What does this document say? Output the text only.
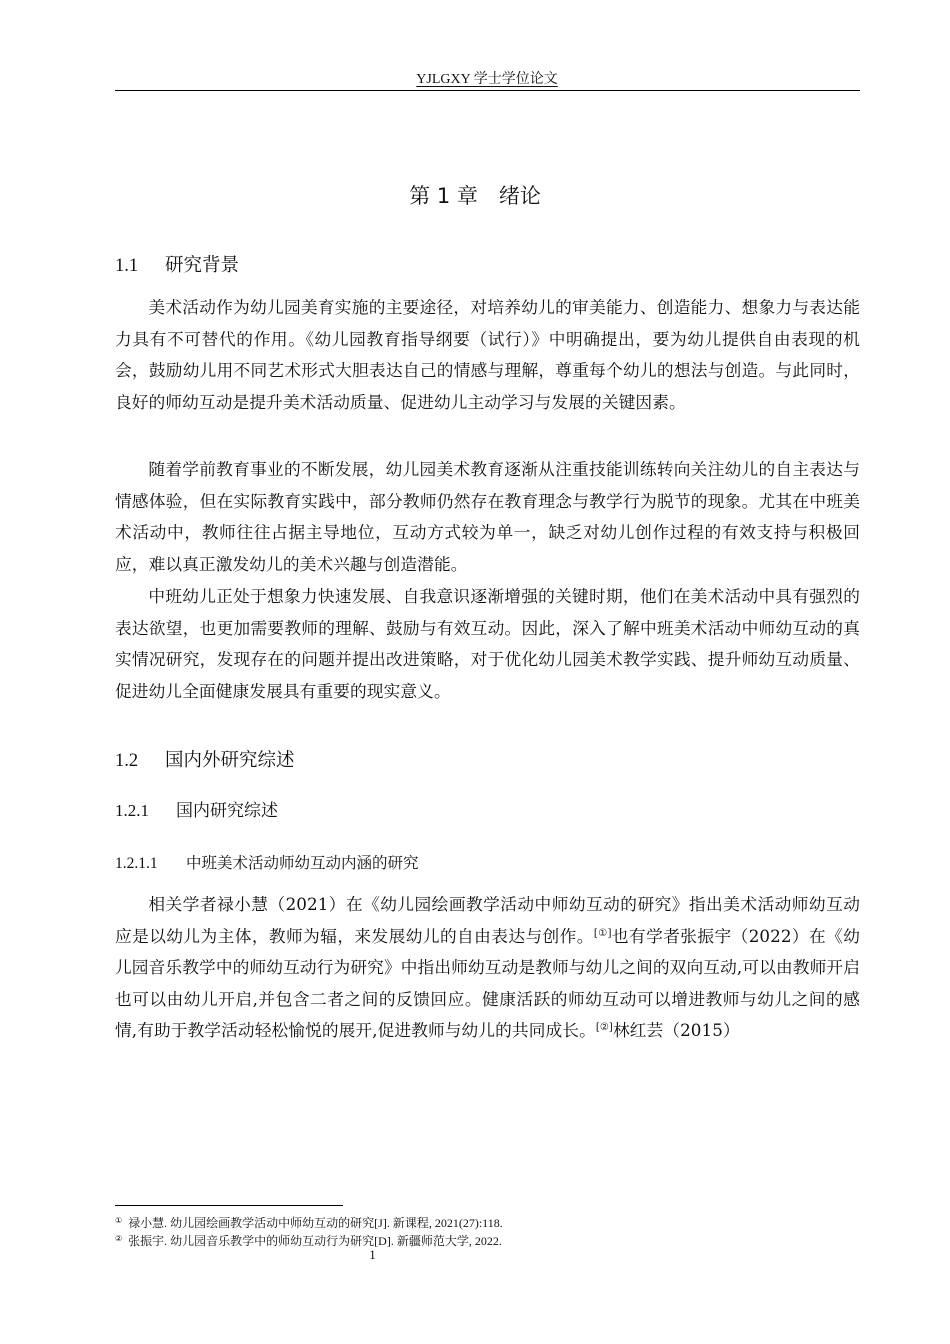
YJLGXY 学士学位论文
第 1 章　绪论
1.1 研究背景

美术活动作为幼儿园美育实施的主要途径，对培养幼儿的审美能力、创造能力、想象力与表达能力具有不可替代的作用。《幼儿园教育指导纲要（试行）》中明确提出，要为幼儿提供自由表现的机会，鼓励幼儿用不同艺术形式大胆表达自己的情感与理解，尊重每个幼儿的想法与创造。与此同时，良好的师幼互动是提升美术活动质量、促进幼儿主动学习与发展的关键因素。

随着学前教育事业的不断发展，幼儿园美术教育逐渐从注重技能训练转向关注幼儿的自主表达与情感体验，但在实际教育实践中，部分教师仍然存在教育理念与教学行为脱节的现象。尤其在中班美术活动中，教师往往占据主导地位，互动方式较为单一，缺乏对幼儿创作过程的有效支持与积极回应，难以真正激发幼儿的美术兴趣与创造潜能。

中班幼儿正处于想象力快速发展、自我意识逐渐增强的关键时期，他们在美术活动中具有强烈的表达欲望，也更加需要教师的理解、鼓励与有效互动。因此，深入了解中班美术活动中师幼互动的真实情况研究，发现存在的问题并提出改进策略，对于优化幼儿园美术教学实践、提升师幼互动质量、促进幼儿全面健康发展具有重要的现实意义。

1.2 国内外研究综述
1.2.1 国内研究综述
1.2.1.1 中班美术活动师幼互动内涵的研究

相关学者禄小慧（2021）在《幼儿园绘画教学活动中师幼互动的研究》指出美术活动师幼互动应是以幼儿为主体，教师为辐，来发展幼儿的自由表达与创作。[①]也有学者张振宇（2022）在《幼儿园音乐教学中的师幼互动行为研究》中指出师幼互动是教师与幼儿之间的双向互动,可以由教师开启也可以由幼儿开启,并包含二者之间的反馈回应。健康活跃的师幼互动可以增进教师与幼儿之间的感情,有助于教学活动轻松愉悦的展开,促进教师与幼儿的共同成长。[②]林红芸（2015）

① 禄小慧. 幼儿园绘画教学活动中师幼互动的研究[J]. 新课程, 2021(27):118.
② 张振宇. 幼儿园音乐教学中的师幼互动行为研究[D]. 新疆师范大学, 2022.
1
